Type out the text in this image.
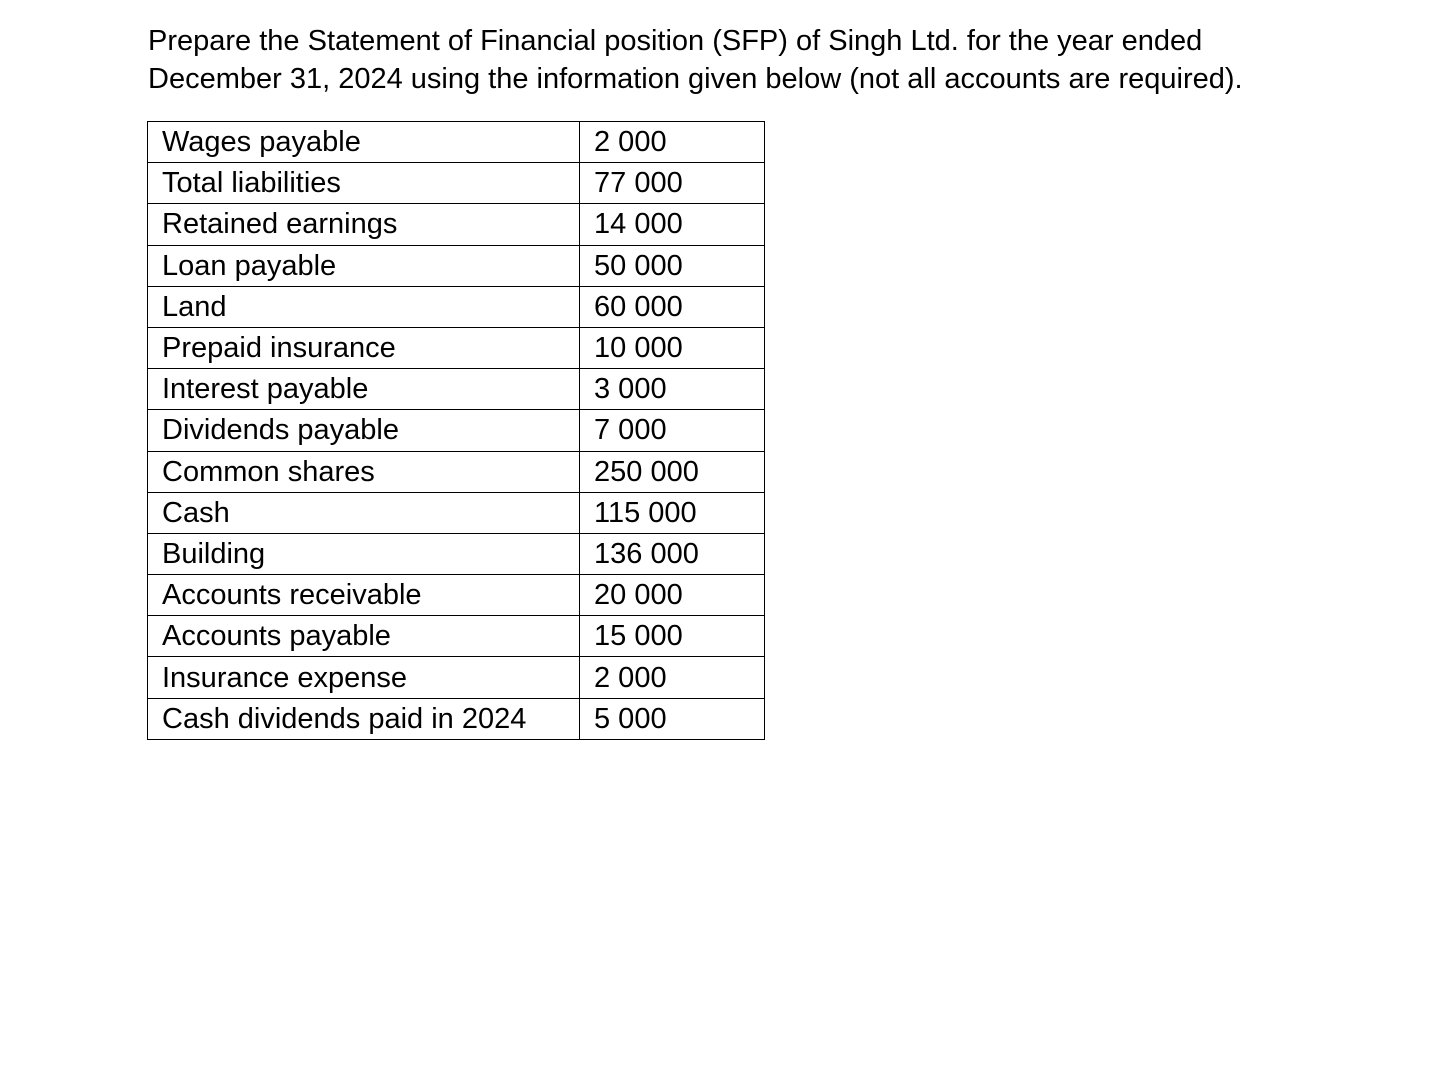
Prepare the Statement of Financial position (SFP) of Singh Ltd. for the year ended
December 31, 2024 using the information given below (not all accounts are required).

Wages payable	2 000
Total liabilities	77 000
Retained earnings	14 000
Loan payable	50 000
Land	60 000
Prepaid insurance	10 000
Interest payable	3 000
Dividends payable	7 000
Common shares	250 000
Cash	115 000
Building	136 000
Accounts receivable	20 000
Accounts payable	15 000
Insurance expense	2 000
Cash dividends paid in 2024	5 000
